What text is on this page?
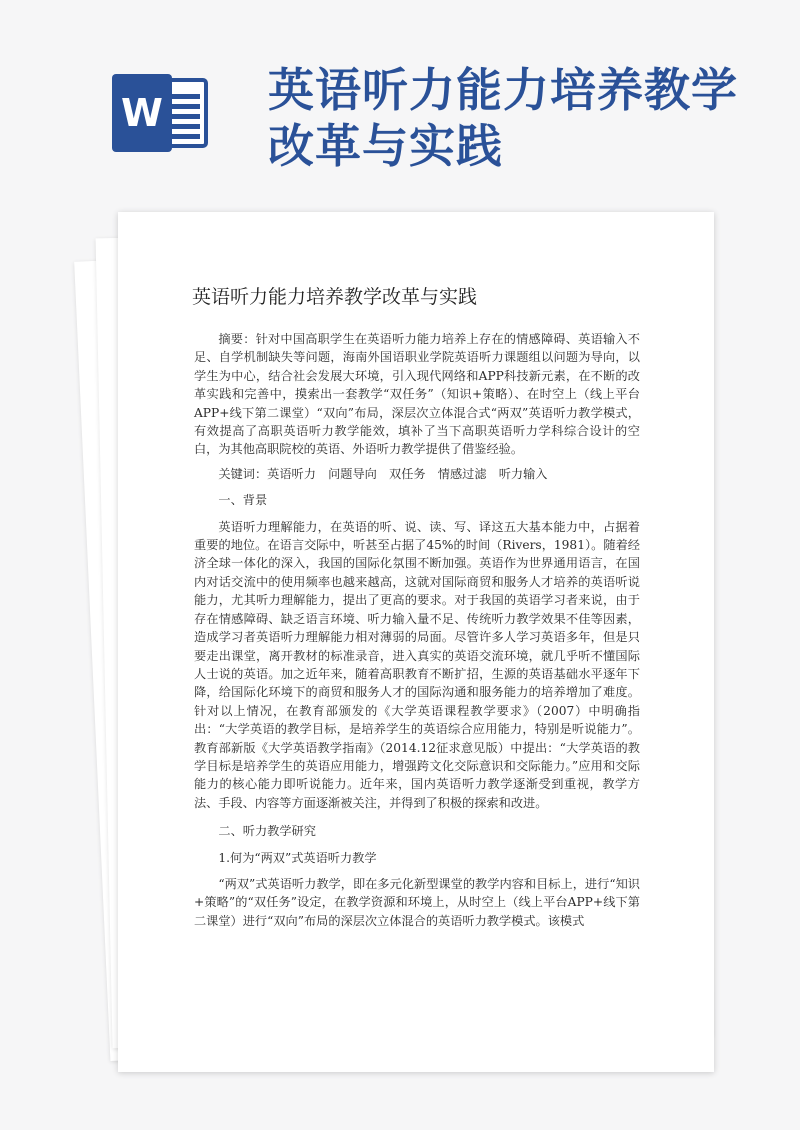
W 英语听力能力培养教学改革与实践
英语听力能力培养教学改革与实践

摘要：针对中国高职学生在英语听力能力培养上存在的情感障碍、英语输入不足、自学机制缺失等问题，海南外国语职业学院英语听力课题组以问题为导向，以学生为中心，结合社会发展大环境，引入现代网络和APP科技新元素，在不断的改革实践和完善中，摸索出一套教学“双任务”（知识+策略）、在时空上（线上平台APP+线下第二课堂）“双向”布局，深层次立体混合式“两双”英语听力教学模式，有效提高了高职英语听力教学能效，填补了当下高职英语听力学科综合设计的空白，为其他高职院校的英语、外语听力教学提供了借鉴经验。

关键词：英语听力　问题导向　双任务　情感过滤　听力输入

一、背景

英语听力理解能力，在英语的听、说、读、写、译这五大基本能力中，占据着重要的地位。在语言交际中，听甚至占据了45%的时间（Rivers，1981）。随着经济全球一体化的深入，我国的国际化氛围不断加强。英语作为世界通用语言，在国内对话交流中的使用频率也越来越高，这就对国际商贸和服务人才培养的英语听说能力，尤其听力理解能力，提出了更高的要求。对于我国的英语学习者来说，由于存在情感障碍、缺乏语言环境、听力输入量不足、传统听力教学效果不佳等因素，造成学习者英语听力理解能力相对薄弱的局面。尽管许多人学习英语多年，但是只要走出课堂，离开教材的标准录音，进入真实的英语交流环境，就几乎听不懂国际人士说的英语。加之近年来，随着高职教育不断扩招，生源的英语基础水平逐年下降，给国际化环境下的商贸和服务人才的国际沟通和服务能力的培养增加了难度。针对以上情况，在教育部颁发的《大学英语课程教学要求》（2007）中明确指出：“大学英语的教学目标，是培养学生的英语综合应用能力，特别是听说能力”。教育部新版《大学英语教学指南》（2014.12征求意见版）中提出：“大学英语的教学目标是培养学生的英语应用能力，增强跨文化交际意识和交际能力。”应用和交际能力的核心能力即听说能力。近年来，国内英语听力教学逐渐受到重视，教学方法、手段、内容等方面逐渐被关注，并得到了积极的探索和改进。

二、听力教学研究

1.何为“两双”式英语听力教学

“两双”式英语听力教学，即在多元化新型课堂的教学内容和目标上，进行“知识+策略”的“双任务”设定，在教学资源和环境上，从时空上（线上平台APP+线下第二课堂）进行“双向”布局的深层次立体混合的英语听力教学模式。该模式
